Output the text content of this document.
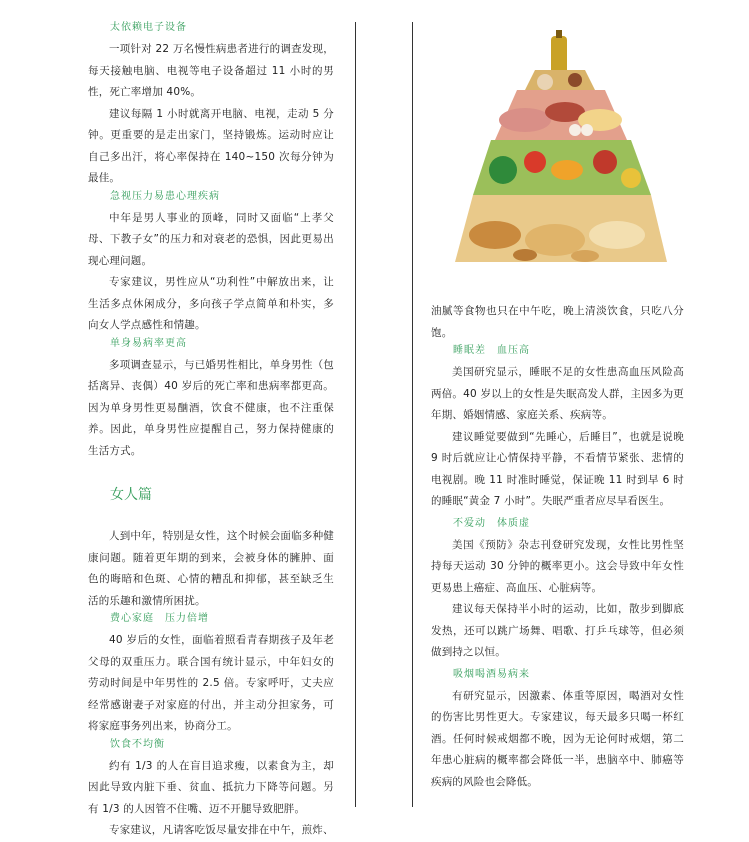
太依赖电子设备

一项针对 22 万名慢性病患者进行的调查发现，每天接触电脑、电视等电子设备超过 11 小时的男性，死亡率增加 40%。

建议每隔 1 小时就离开电脑、电视，走动 5 分钟。更重要的是走出家门，坚持锻炼。运动时应让自己多出汗，将心率保持在 140~150 次每分钟为最佳。

急视压力易患心理疾病

中年是男人事业的顶峰，同时又面临“上孝父母、下教子女”的压力和对衰老的恐惧，因此更易出现心理问题。

专家建议，男性应从“功利性”中解放出来，让生活多点休闲成分，多向孩子学点简单和朴实，多向女人学点感性和情趣。

单身易病率更高

多项调查显示，与已婚男性相比，单身男性（包括离异、丧偶）40 岁后的死亡率和患病率都更高。因为单身男性更易酗酒，饮食不健康，也不注重保养。因此，单身男性应提醒自己，努力保持健康的生活方式。

女人篇

人到中年，特别是女性，这个时候会面临多种健康问题。随着更年期的到来，会被身体的臃肿、面色的晦暗和色斑、心情的糟乱和抑郁，甚至缺乏生活的乐趣和激情所困扰。

费心家庭　压力倍增

40 岁后的女性，面临着照看青春期孩子及年老父母的双重压力。联合国有统计显示，中年妇女的劳动时间是中年男性的 2.5 倍。专家呼吁，丈夫应经常感谢妻子对家庭的付出，并主动分担家务，可将家庭事务列出来，协商分工。

饮食不均衡

约有 1/3 的人在盲目追求瘦，以素食为主，却因此导致内脏下垂、贫血、抵抗力下降等问题。另有 1/3 的人因管不住嘴、迈不开腿导致肥胖。

专家建议，凡请客吃饭尽量安排在中午，煎炸、

油腻等食物也只在中午吃，晚上清淡饮食，只吃八分饱。

睡眠差　血压高

美国研究显示，睡眠不足的女性患高血压风险高两倍。40 岁以上的女性是失眠高发人群，主因多为更年期、婚姻情感、家庭关系、疾病等。

建议睡觉要做到“先睡心，后睡目”，也就是说晚 9 时后就应让心情保持平静，不看情节紧张、悲情的电视剧。晚 11 时准时睡觉，保证晚 11 时到早 6 时的睡眠“黄金 7 小时”。失眠严重者应尽早看医生。

不爱动　体质虚

美国《预防》杂志刊登研究发现，女性比男性坚持每天运动 30 分钟的概率更小。这会导致中年女性更易患上癌症、高血压、心脏病等。

建议每天保持半小时的运动，比如，散步到脚底发热，还可以跳广场舞、唱歌、打乒乓球等，但必须做到持之以恒。

吸烟喝酒易病来

有研究显示，因激素、体重等原因，喝酒对女性的伤害比男性更大。专家建议，每天最多只喝一杯红酒。任何时候戒烟都不晚，因为无论何时戒烟，第二年患心脏病的概率都会降低一半，患脑卒中、肺癌等疾病的风险也会降低。
